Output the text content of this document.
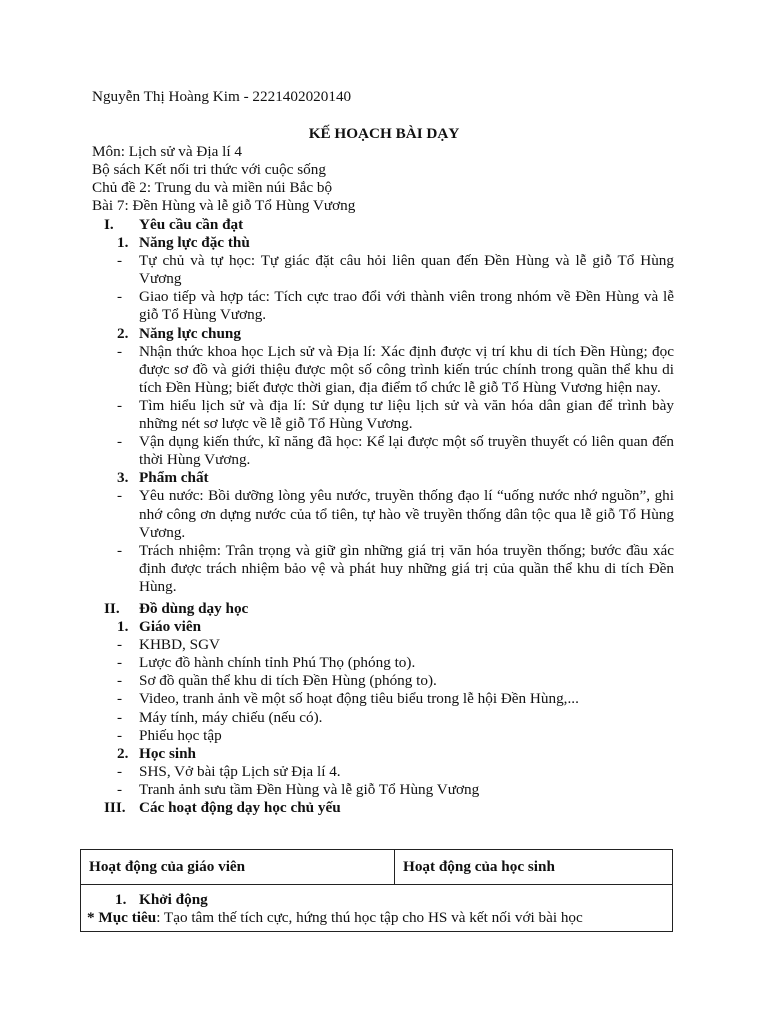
Nguyễn Thị Hoàng Kim - 2221402020140
KẾ HOẠCH BÀI DẠY
Môn: Lịch sử và Địa lí 4
Bộ sách Kết nối tri thức với cuộc sống
Chủ đề 2: Trung du và miền núi Bắc bộ
Bài 7: Đền Hùng và lễ giỗ Tổ Hùng Vương
I. Yêu cầu cần đạt
1. Năng lực đặc thù
- Tự chủ và tự học: Tự giác đặt câu hỏi liên quan đến Đền Hùng và lễ giỗ Tổ Hùng Vương
- Giao tiếp và hợp tác: Tích cực trao đổi với thành viên trong nhóm về Đền Hùng và lễ giỗ Tổ Hùng Vương.
2. Năng lực chung
- Nhận thức khoa học Lịch sử và Địa lí: Xác định được vị trí khu di tích Đền Hùng; đọc được sơ đồ và giới thiệu được một số công trình kiến trúc chính trong quần thể khu di tích Đền Hùng; biết được thời gian, địa điểm tổ chức lễ giỗ Tổ Hùng Vương hiện nay.
- Tìm hiểu lịch sử và địa lí: Sử dụng tư liệu lịch sử và văn hóa dân gian để trình bày những nét sơ lược về lễ giỗ Tổ Hùng Vương.
- Vận dụng kiến thức, kĩ năng đã học: Kể lại được một số truyền thuyết có liên quan đến thời Hùng Vương.
3. Phẩm chất
- Yêu nước: Bồi dưỡng lòng yêu nước, truyền thống đạo lí “uống nước nhớ nguồn”, ghi nhớ công ơn dựng nước của tổ tiên, tự hào về truyền thống dân tộc qua lễ giỗ Tổ Hùng Vương.
- Trách nhiệm: Trân trọng và giữ gìn những giá trị văn hóa truyền thống; bước đầu xác định được trách nhiệm bảo vệ và phát huy những giá trị của quần thể khu di tích Đền Hùng.
II. Đồ dùng dạy học
1. Giáo viên
- KHBD, SGV
- Lược đồ hành chính tỉnh Phú Thọ (phóng to).
- Sơ đồ quần thể khu di tích Đền Hùng (phóng to).
- Video, tranh ảnh về một số hoạt động tiêu biểu trong lễ hội Đền Hùng,...
- Máy tính, máy chiếu (nếu có).
- Phiếu học tập
2. Học sinh
- SHS, Vở bài tập Lịch sử Địa lí 4.
- Tranh ảnh sưu tầm Đền Hùng và lễ giỗ Tổ Hùng Vương
III. Các hoạt động dạy học chủ yếu
Hoạt động của giáo viên	Hoạt động của học sinh

1. Khởi động
* Mục tiêu: Tạo tâm thế tích cực, hứng thú học tập cho HS và kết nối với bài học
